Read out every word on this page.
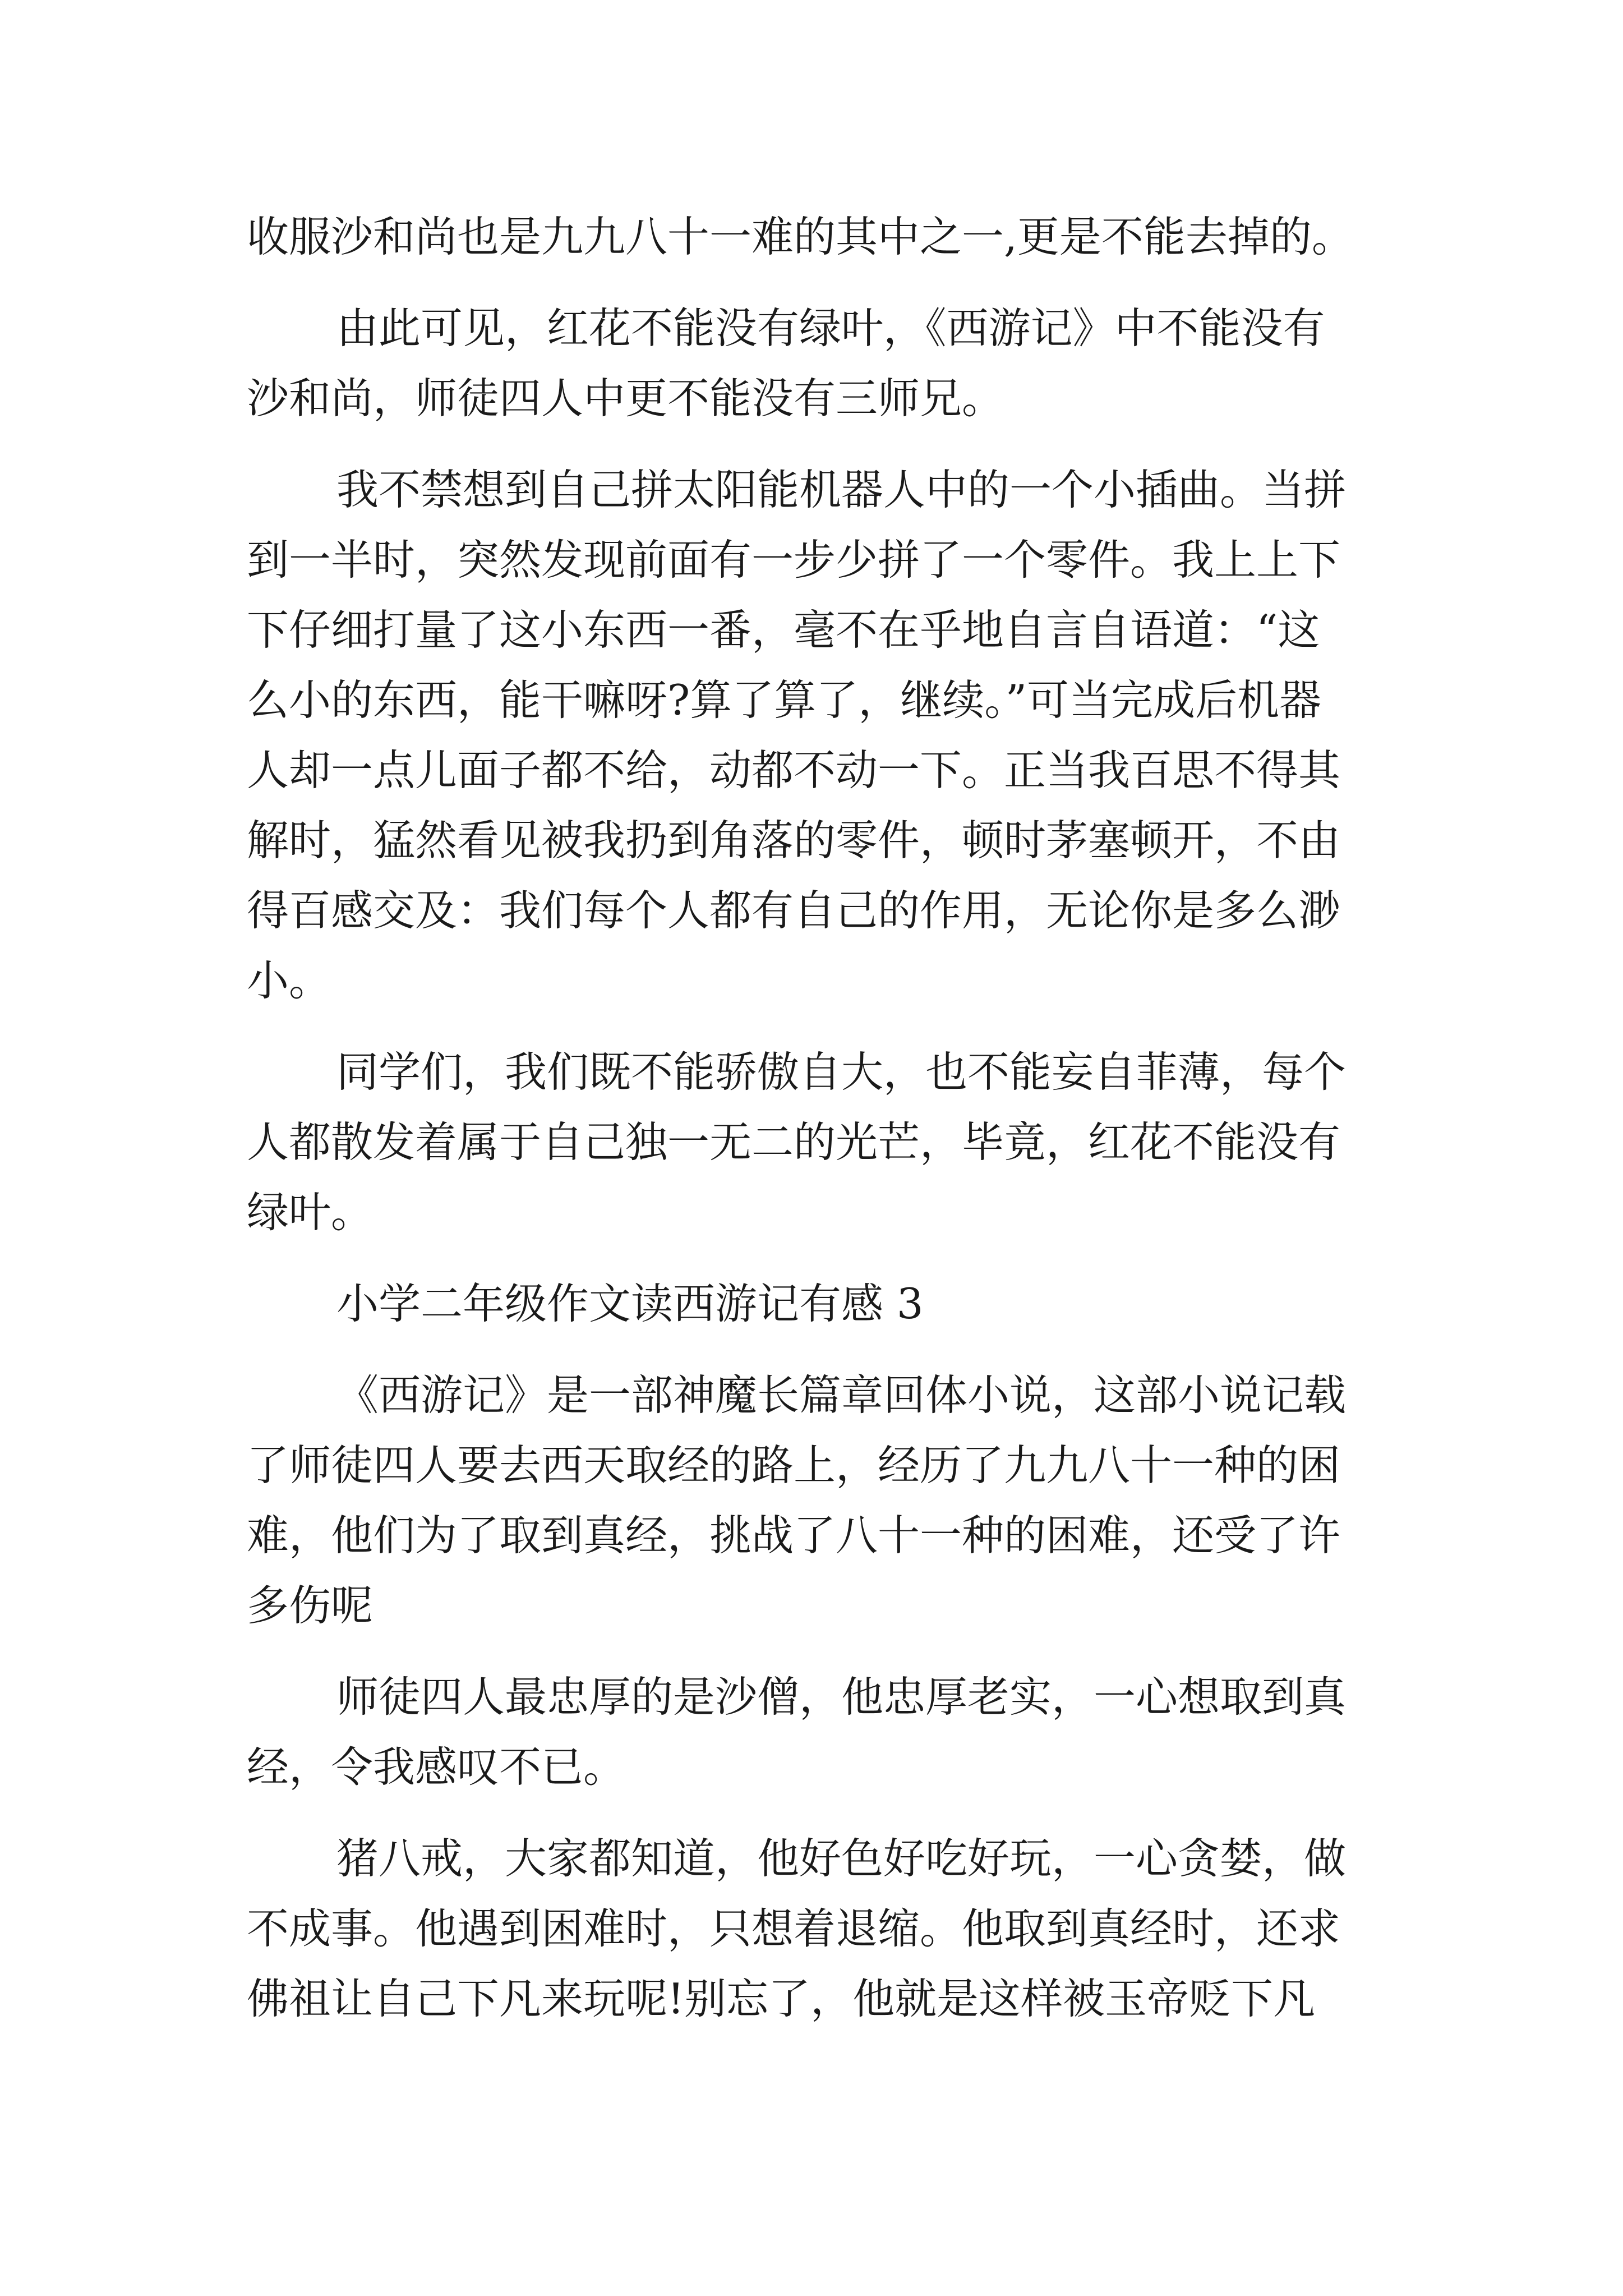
收服沙和尚也是九九八十一难的其中之一,更是不能去掉的。
由此可见，红花不能没有绿叶，《西游记》中不能没有
沙和尚，师徒四人中更不能没有三师兄。
我不禁想到自己拼太阳能机器人中的一个小插曲。当拼
到一半时，突然发现前面有一步少拼了一个零件。我上上下
下仔细打量了这小东西一番，毫不在乎地自言自语道：“这
么小的东西，能干嘛呀?算了算了，继续。”可当完成后机器
人却一点儿面子都不给，动都不动一下。正当我百思不得其
解时，猛然看见被我扔到角落的零件，顿时茅塞顿开，不由
得百感交及：我们每个人都有自己的作用，无论你是多么渺
小。
同学们，我们既不能骄傲自大，也不能妄自菲薄，每个
人都散发着属于自己独一无二的光芒，毕竟，红花不能没有
绿叶。
小学二年级作文读西游记有感 3
《西游记》是一部神魔长篇章回体小说，这部小说记载
了师徒四人要去西天取经的路上，经历了九九八十一种的困
难，他们为了取到真经，挑战了八十一种的困难，还受了许
多伤呢
师徒四人最忠厚的是沙僧，他忠厚老实，一心想取到真
经，令我感叹不已。
猪八戒，大家都知道，他好色好吃好玩，一心贪婪，做
不成事。他遇到困难时，只想着退缩。他取到真经时，还求
佛祖让自己下凡来玩呢!别忘了，他就是这样被玉帝贬下凡
